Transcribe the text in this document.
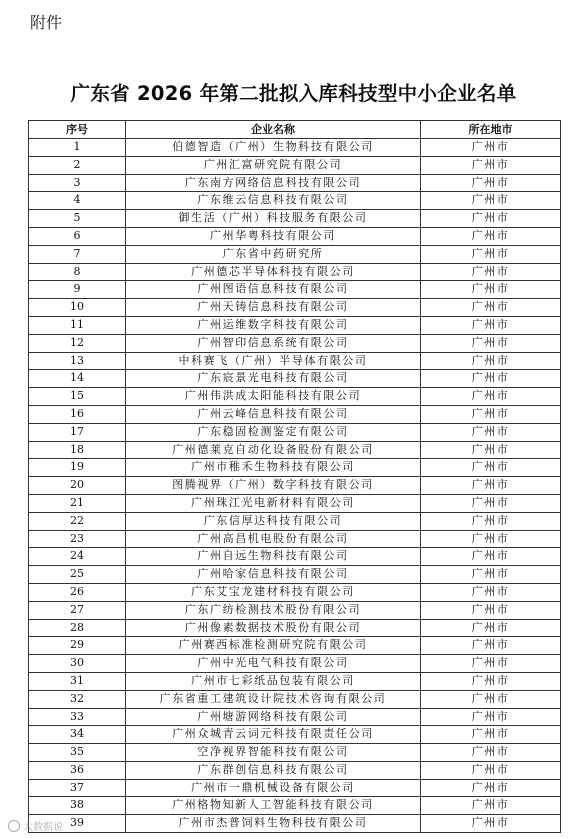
附件
广东省 2026 年第二批拟入库科技型中小企业名单
序号	企业名称	所在地市
1	伯德智造（广州）生物科技有限公司	广州市
2	广州汇富研究院有限公司	广州市
3	广东南方网络信息科技有限公司	广州市
4	广东维云信息科技有限公司	广州市
5	御生活（广州）科技服务有限公司	广州市
6	广州华粤科技有限公司	广州市
7	广东省中药研究所	广州市
8	广州德芯半导体科技有限公司	广州市
9	广州图语信息科技有限公司	广州市
10	广州天铸信息科技有限公司	广州市
11	广州运维数字科技有限公司	广州市
12	广州智印信息系统有限公司	广州市
13	中科赛飞（广州）半导体有限公司	广州市
14	广东宸景光电科技有限公司	广州市
15	广州伟洪成太阳能科技有限公司	广州市
16	广州云峰信息科技有限公司	广州市
17	广东稳固检测鉴定有限公司	广州市
18	广州德莱克自动化设备股份有限公司	广州市
19	广州市稚禾生物科技有限公司	广州市
20	图腾视界（广州）数字科技有限公司	广州市
21	广州珠江光电新材料有限公司	广州市
22	广东信厚达科技有限公司	广州市
23	广州高昌机电股份有限公司	广州市
24	广州自远生物科技有限公司	广州市
25	广州哈家信息科技有限公司	广州市
26	广东艾宝龙建材科技有限公司	广州市
27	广东广纺检测技术股份有限公司	广州市
28	广州像素数据技术股份有限公司	广州市
29	广州赛西标准检测研究院有限公司	广州市
30	广州中光电气科技有限公司	广州市
31	广州市七彩纸品包装有限公司	广州市
32	广东省重工建筑设计院技术咨询有限公司	广州市
33	广州塘游网络科技有限公司	广州市
34	广州众城青云词元科技有限责任公司	广州市
35	空净视界智能科技有限公司	广州市
36	广东群创信息科技有限公司	广州市
37	广州市一鼎机械设备有限公司	广州市
38	广州格物知新人工智能科技有限公司	广州市
39	广州市杰普饲料生物科技有限公司	广州市
大数据说
